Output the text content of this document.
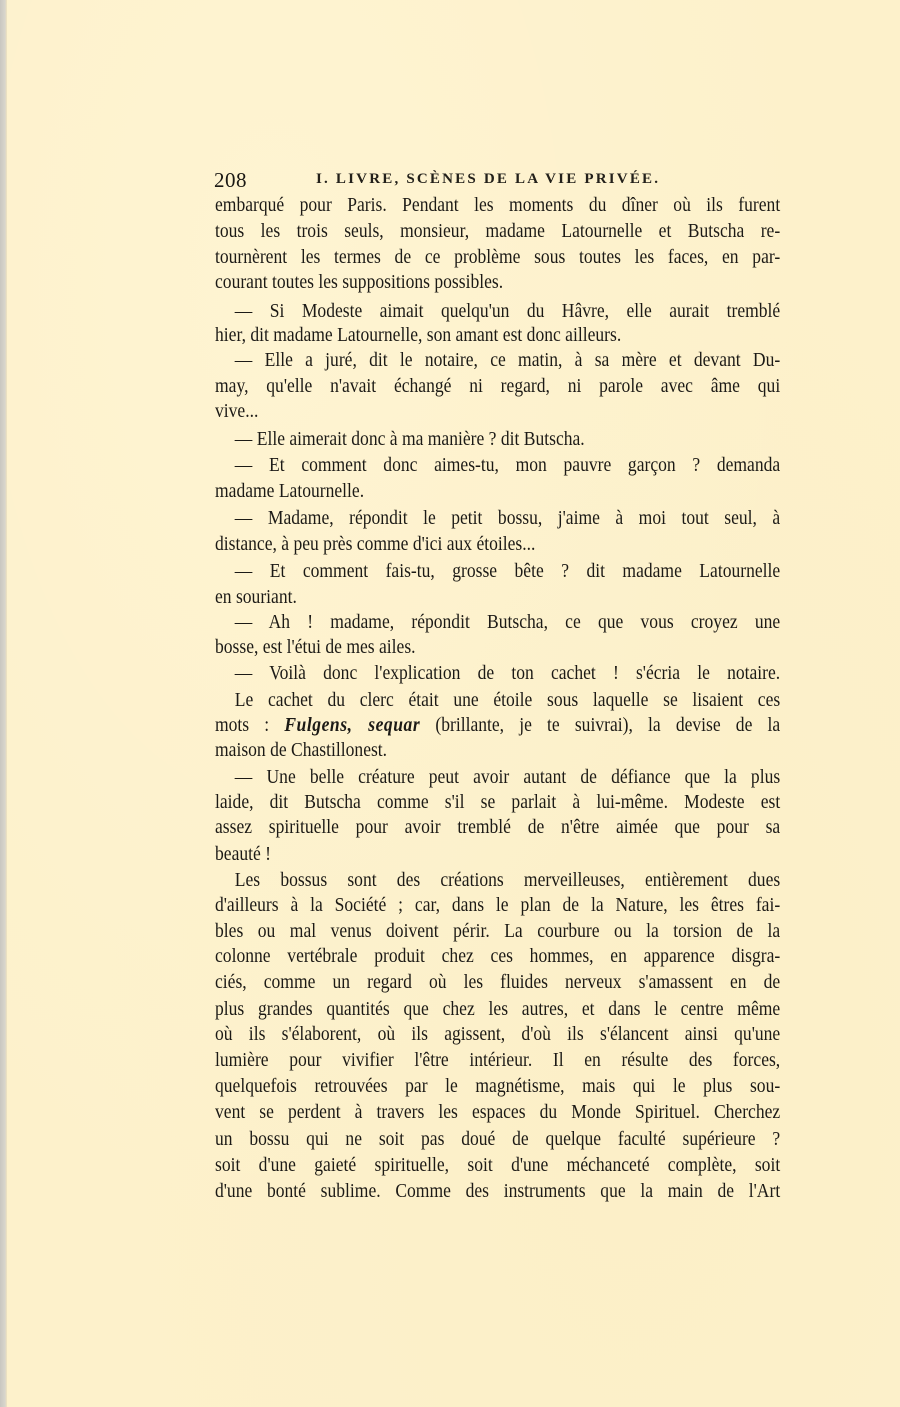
208	I. LIVRE, SCÈNES DE LA VIE PRIVÉE.
embarqué pour Paris. Pendant les moments du dîner où ils furent
tous les trois seuls, monsieur, madame Latournelle et Butscha re-
tournèrent les termes de ce problème sous toutes les faces, en par-
courant toutes les suppositions possibles.
— Si Modeste aimait quelqu'un du Hâvre, elle aurait tremblé
hier, dit madame Latournelle, son amant est donc ailleurs.
— Elle a juré, dit le notaire, ce matin, à sa mère et devant Du-
may, qu'elle n'avait échangé ni regard, ni parole avec âme qui
vive...
— Elle aimerait donc à ma manière ? dit Butscha.
— Et comment donc aimes-tu, mon pauvre garçon ? demanda
madame Latournelle.
— Madame, répondit le petit bossu, j'aime à moi tout seul, à
distance, à peu près comme d'ici aux étoiles...
— Et comment fais-tu, grosse bête ? dit madame Latournelle
en souriant.
— Ah ! madame, répondit Butscha, ce que vous croyez une
bosse, est l'étui de mes ailes.
— Voilà donc l'explication de ton cachet ! s'écria le notaire.
Le cachet du clerc était une étoile sous laquelle se lisaient ces
mots : Fulgens, sequar (brillante, je te suivrai), la devise de la
maison de Chastillonest.
— Une belle créature peut avoir autant de défiance que la plus
laide, dit Butscha comme s'il se parlait à lui-même. Modeste est
assez spirituelle pour avoir tremblé de n'être aimée que pour sa
beauté !
Les bossus sont des créations merveilleuses, entièrement dues
d'ailleurs à la Société ; car, dans le plan de la Nature, les êtres fai-
bles ou mal venus doivent périr. La courbure ou la torsion de la
colonne vertébrale produit chez ces hommes, en apparence disgra-
ciés, comme un regard où les fluides nerveux s'amassent en de
plus grandes quantités que chez les autres, et dans le centre même
où ils s'élaborent, où ils agissent, d'où ils s'élancent ainsi qu'une
lumière pour vivifier l'être intérieur. Il en résulte des forces,
quelquefois retrouvées par le magnétisme, mais qui le plus sou-
vent se perdent à travers les espaces du Monde Spirituel. Cherchez
un bossu qui ne soit pas doué de quelque faculté supérieure ?
soit d'une gaieté spirituelle, soit d'une méchanceté complète, soit
d'une bonté sublime. Comme des instruments que la main de l'Art
